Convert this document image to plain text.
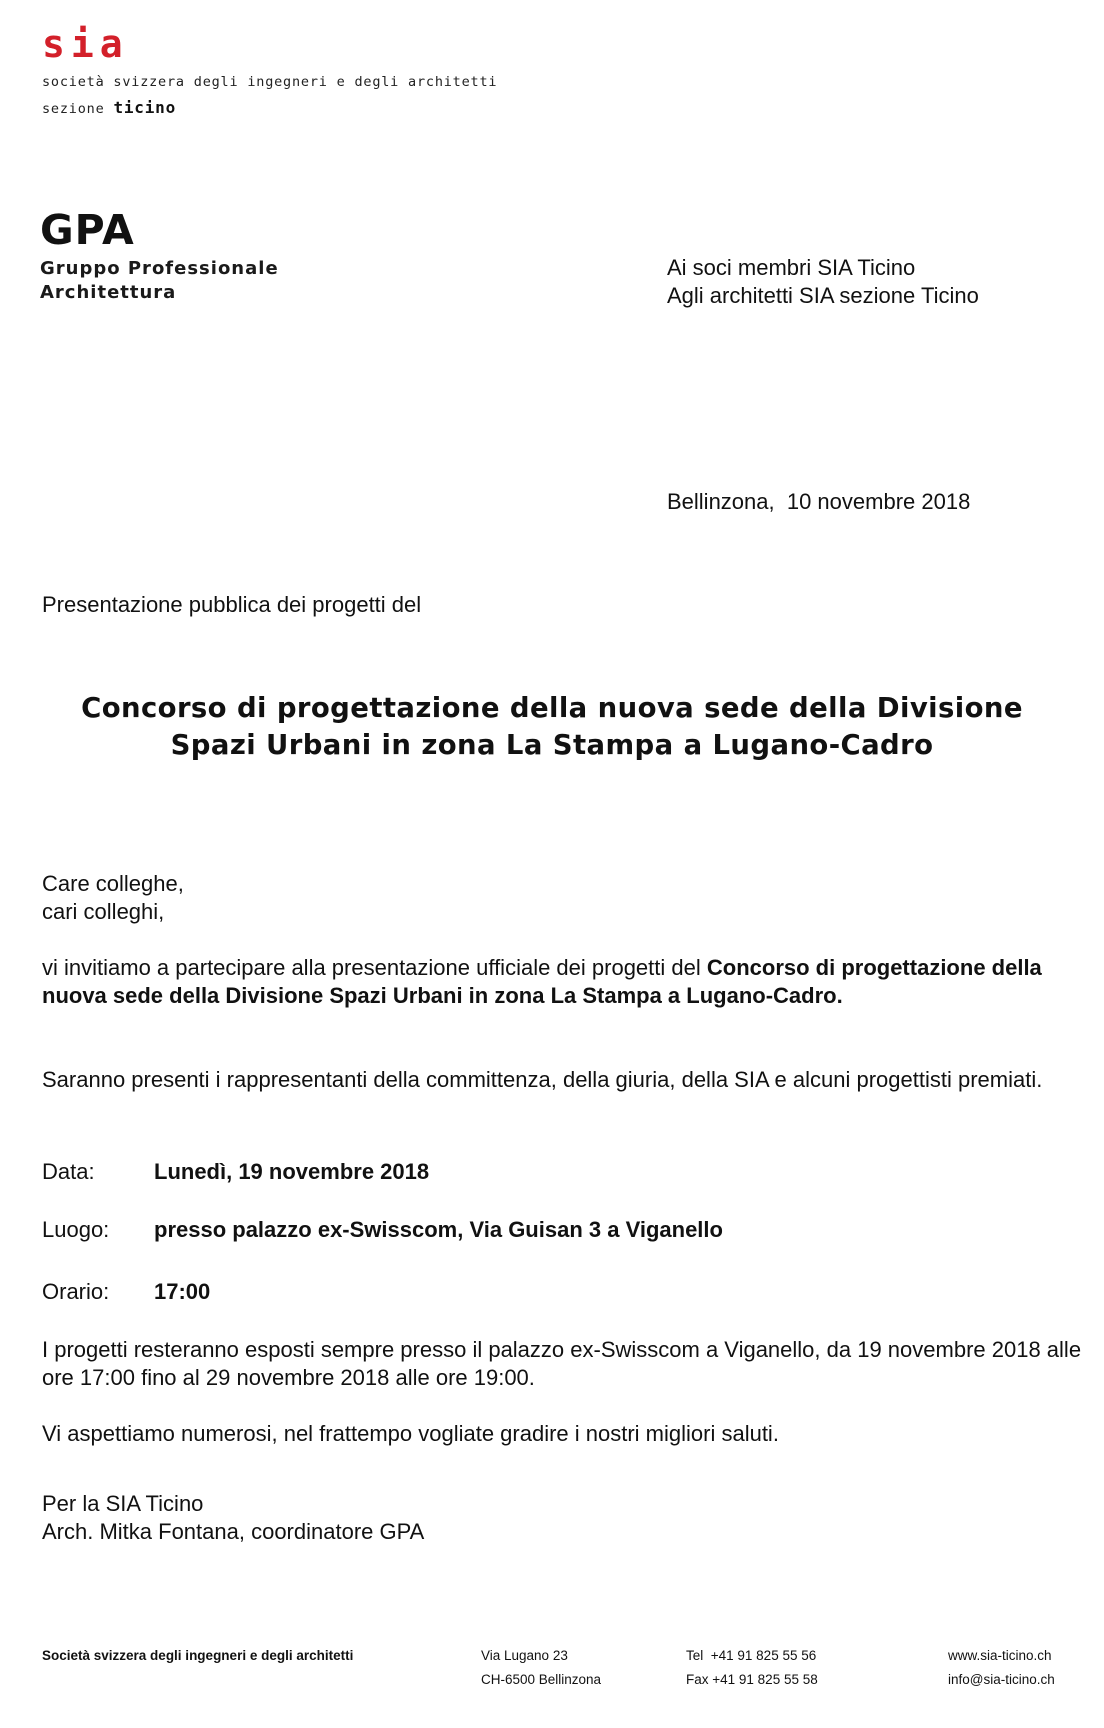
sia
società svizzera degli ingegneri e degli architetti
sezione ticino
GPA
Gruppo Professionale
Architettura
Ai soci membri SIA Ticino
Agli architetti SIA sezione Ticino
Bellinzona,  10 novembre 2018
Presentazione pubblica dei progetti del
Concorso di progettazione della nuova sede della Divisione
Spazi Urbani in zona La Stampa a Lugano-Cadro
Care colleghe,
cari colleghi,
vi invitiamo a partecipare alla presentazione ufficiale dei progetti del Concorso di progettazione della nuova sede della Divisione Spazi Urbani in zona La Stampa a Lugano-Cadro.
Saranno presenti i rappresentanti della committenza, della giuria, della SIA e alcuni progettisti premiati.
Data:	Lunedì, 19 novembre 2018
Luogo: presso palazzo ex-Swisscom, Via Guisan 3 a Viganello
Orario: 17:00
I progetti resteranno esposti sempre presso il palazzo ex-Swisscom a Viganello, da 19 novembre 2018 alle ore 17:00 fino al 29 novembre 2018 alle ore 19:00.
Vi aspettiamo numerosi, nel frattempo vogliate gradire i nostri migliori saluti.
Per la SIA Ticino
Arch. Mitka Fontana, coordinatore GPA
Società svizzera degli ingegneri e degli architetti	Via Lugano 23
CH-6500 Bellinzona
Tel  +41 91 825 55 56
Fax +41 91 825 55 58
www.sia-ticino.ch
info@sia-ticino.ch
